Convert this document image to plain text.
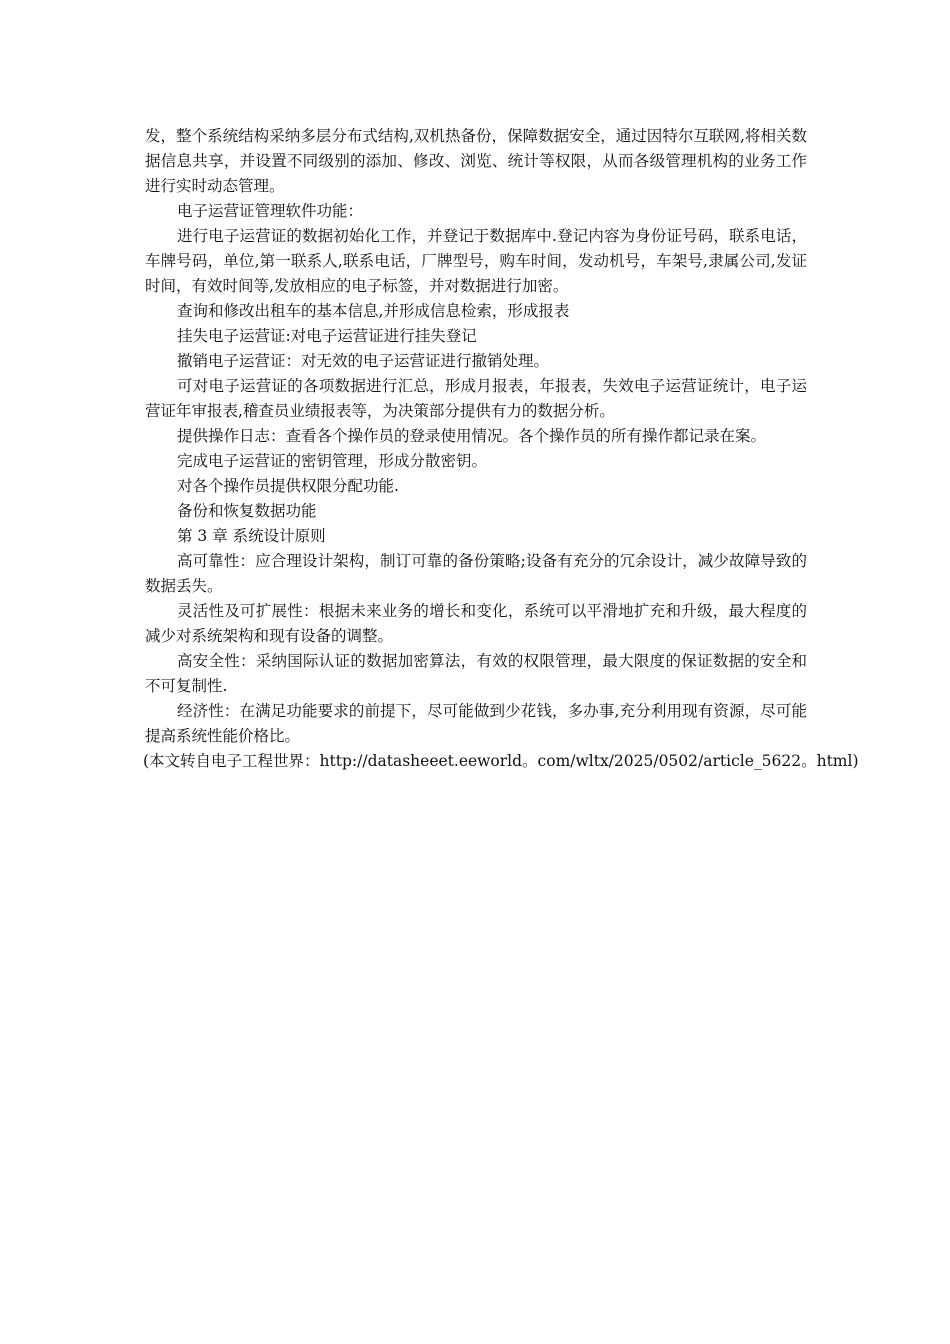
发，整个系统结构采纳多层分布式结构,双机热备份，保障数据安全，通过因特尔互联网,将相关数据信息共享，并设置不同级别的添加、修改、浏览、统计等权限，从而各级管理机构的业务工作进行实时动态管理。

电子运营证管理软件功能：

进行电子运营证的数据初始化工作，并登记于数据库中.登记内容为身份证号码，联系电话，车牌号码，单位,第一联系人,联系电话，厂牌型号，购车时间，发动机号，车架号,隶属公司,发证时间，有效时间等,发放相应的电子标签，并对数据进行加密。

查询和修改出租车的基本信息,并形成信息检索，形成报表

挂失电子运营证:对电子运营证进行挂失登记

撤销电子运营证：对无效的电子运营证进行撤销处理。

可对电子运营证的各项数据进行汇总，形成月报表，年报表，失效电子运营证统计，电子运营证年审报表,稽查员业绩报表等，为决策部分提供有力的数据分析。

提供操作日志：查看各个操作员的登录使用情况。各个操作员的所有操作都记录在案。

完成电子运营证的密钥管理，形成分散密钥。

对各个操作员提供权限分配功能.

备份和恢复数据功能

第 3 章 系统设计原则

高可靠性：应合理设计架构，制订可靠的备份策略;设备有充分的冗余设计，减少故障导致的数据丢失。

灵活性及可扩展性：根据未来业务的增长和变化，系统可以平滑地扩充和升级，最大程度的减少对系统架构和现有设备的调整。

高安全性：采纳国际认证的数据加密算法，有效的权限管理，最大限度的保证数据的安全和不可复制性.

经济性：在满足功能要求的前提下，尽可能做到少花钱，多办事,充分利用现有资源，尽可能提高系统性能价格比。

(本文转自电子工程世界：http://datasheeet.eeworld。com/wltx/2025/0502/article_5622。html)
